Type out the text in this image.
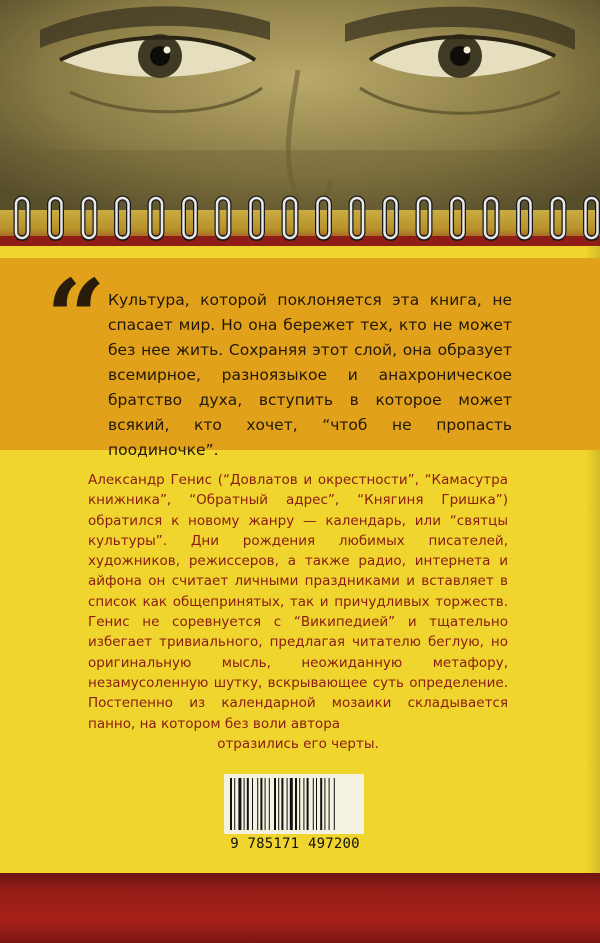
“ Культура, которой поклоняется эта книга, не спасает мир. Но она бережет тех, кто не может без нее жить. Сохраняя этот слой, она образует всемирное, разноязыкое и анахроническое братство духа, вступить в которое может всякий, кто хочет, “чтоб не пропасть поодиночке”.
Александр Генис (“Довлатов и окрестности”, “Камасутра книжника”, “Обратный адрес”, “Княгиня Гришка”) обратился к новому жанру — календарь, или “святцы культуры”. Дни рождения любимых писателей, художников, режиссеров, а также радио, интернета и айфона он считает личными праздниками и вставляет в список как общепринятых, так и причудливых торжеств. Генис не соревнуется с “Википедией” и тщательно избегает тривиального, предлагая читателю беглую, но оригинальную мысль, неожиданную метафору, незамусоленную шутку, вскрывающее суть определение. Постепенно из календарной мозаики складывается панно, на котором без воли автора
отразились его черты.
9 785171 497200
